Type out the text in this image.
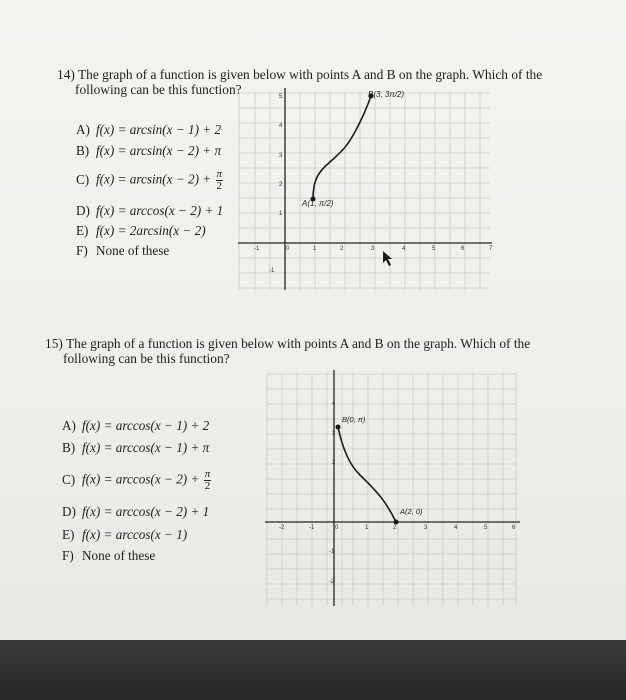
14) The graph of a function is given below with points A and B on the graph. Which of the
following can be this function?
A) f(x) = arcsin(x − 1) + 2
B) f(x) = arcsin(x − 2) + π
C) $f(x) = \arcsin(x - 2) + \frac{\pi}{2}$
D) f(x) = arccos(x − 2) + 1
E) f(x) = 2arcsin(x − 2)
F) None of these	-1	0	1	2	3	4	5	6	7
5
4
3
2
1
-1
A(1, π/2)
B(3, 3π/2)
15) The graph of a function is given below with points A and B on the graph. Which of the
following can be this function?
A) f(x) = arccos(x − 1) + 2
B) f(x) = arccos(x − 1) + π
C) $f(x) = \arccos(x - 2) + \frac{\pi}{2}$
D) f(x) = arccos(x − 2) + 1
E) f(x) = arccos(x − 1)
F) None of these
-2	-1	0	1	2	3	4	5	6
4
3
2
1
-1
-2
B(0, π)
A(2, 0)
